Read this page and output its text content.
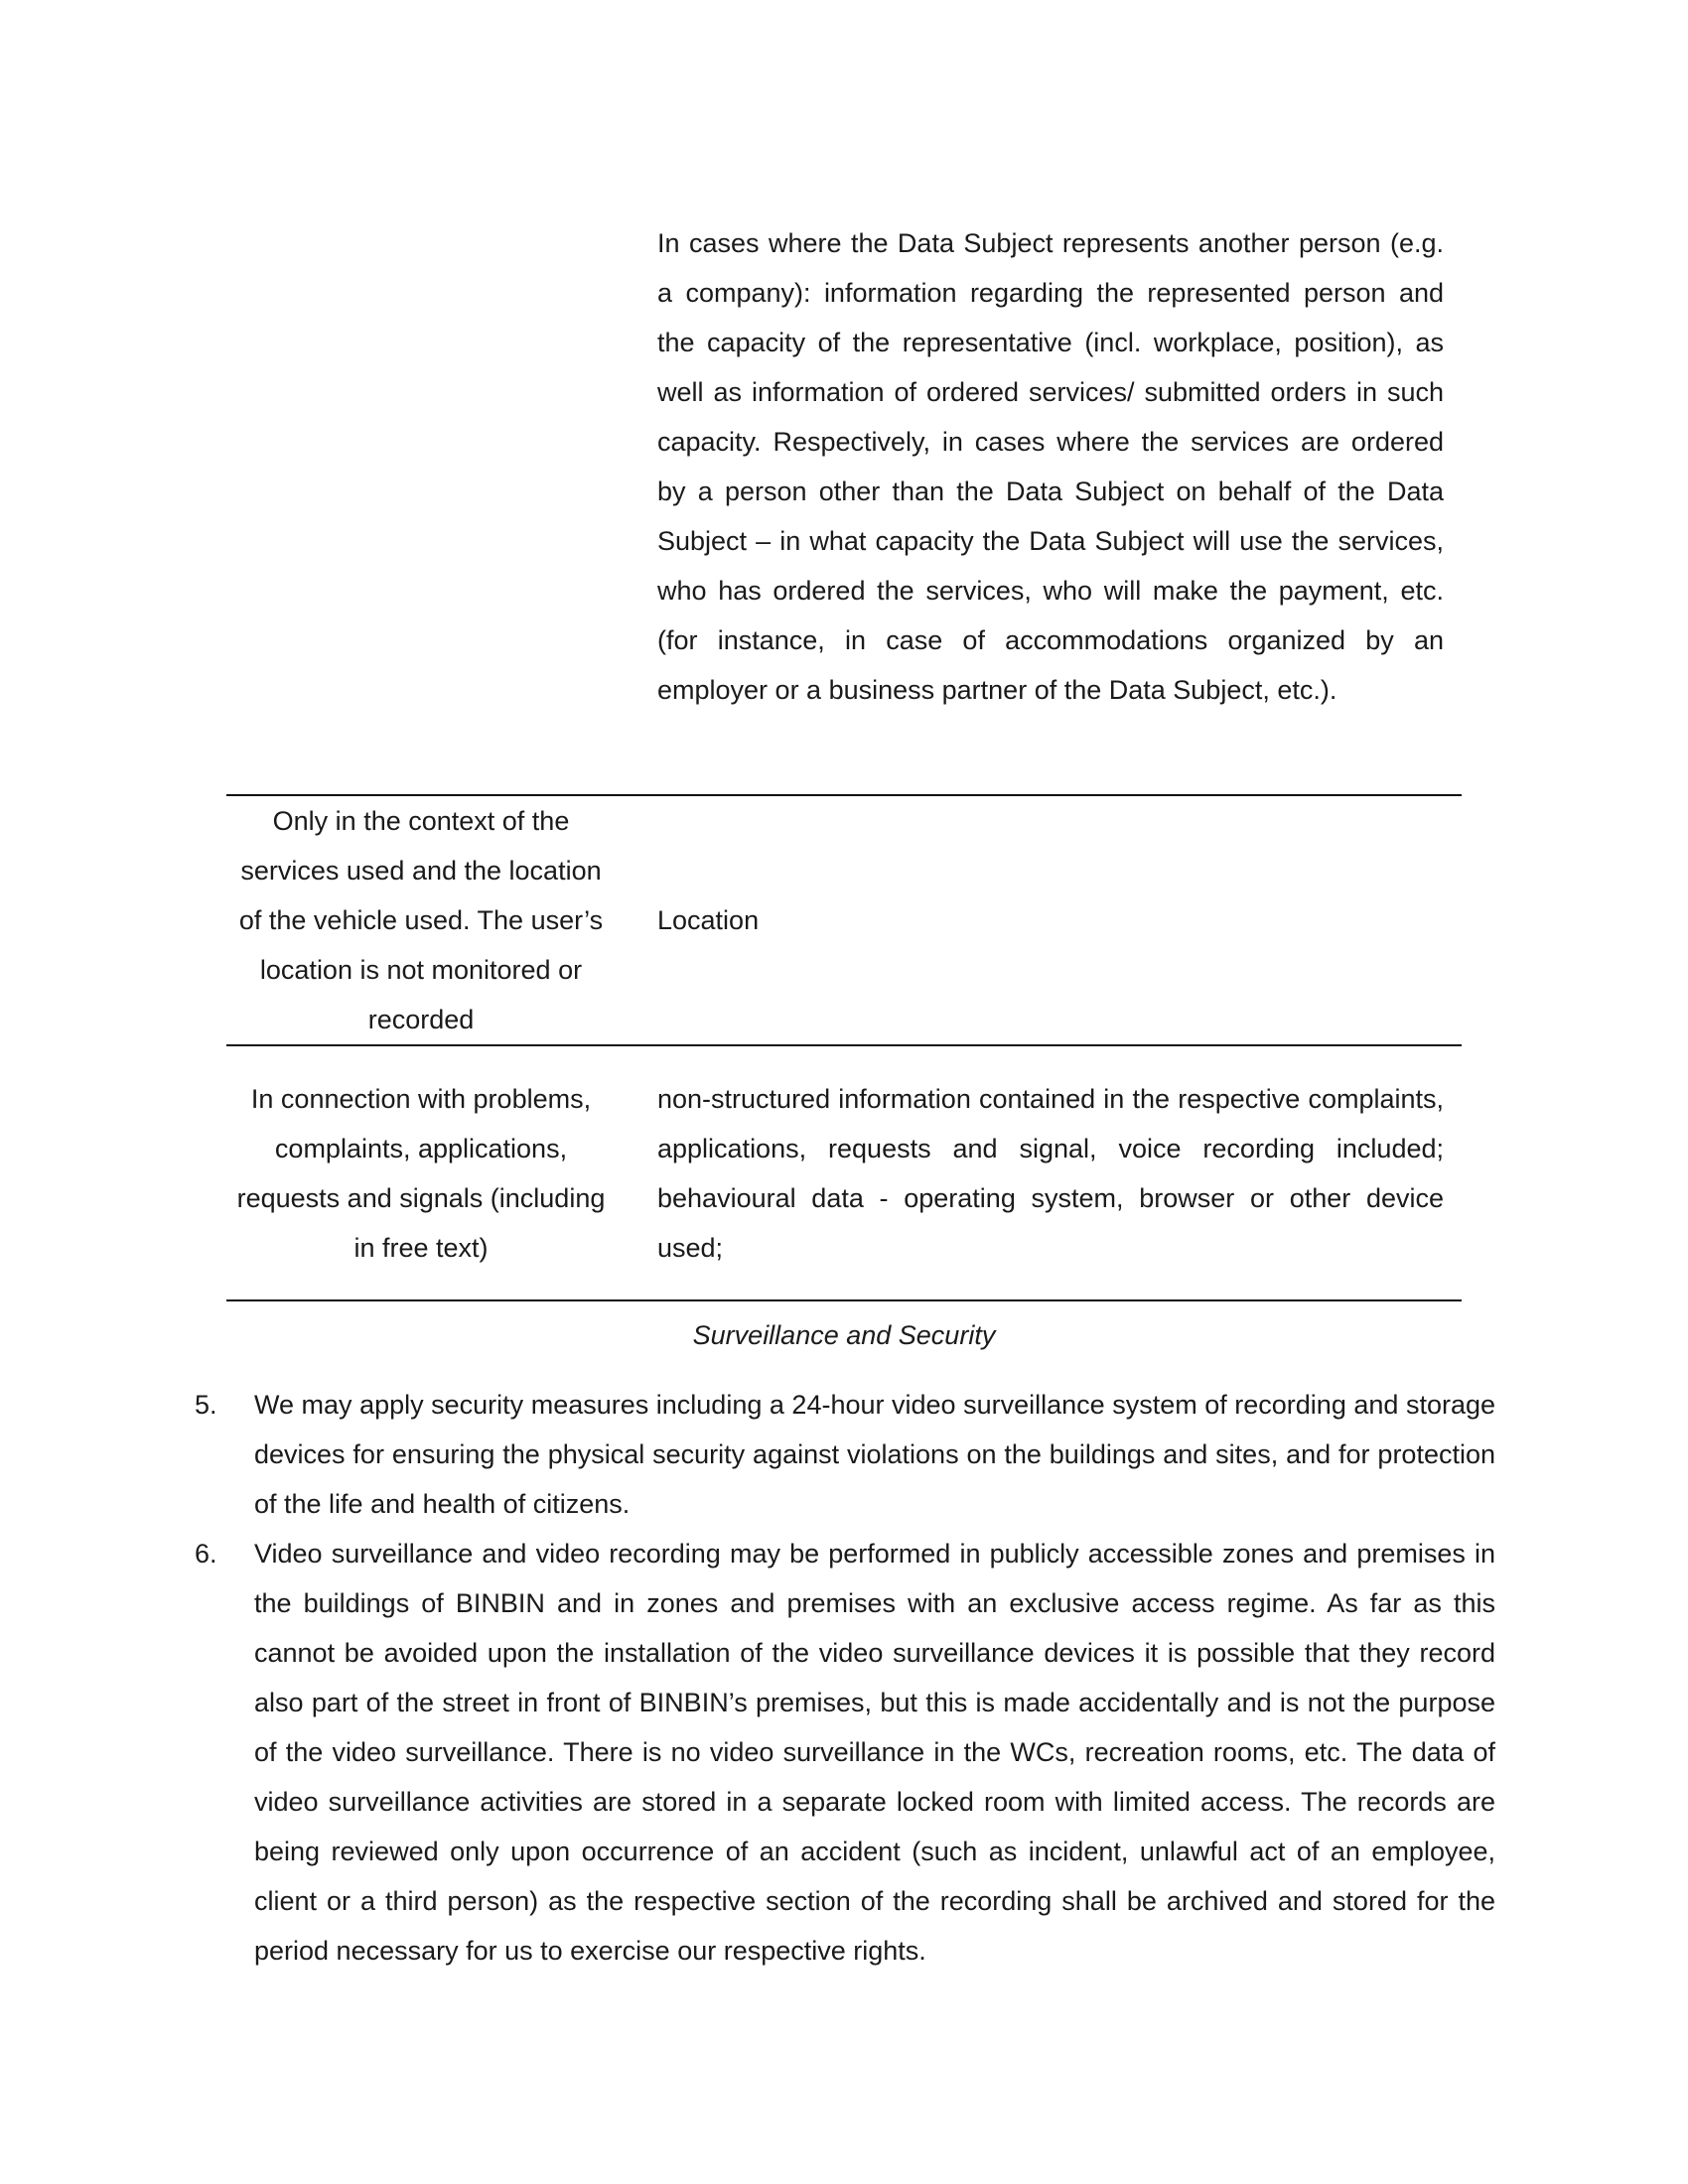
In cases where the Data Subject represents another person (e.g. a company): information regarding the represented person and the capacity of the representative (incl. workplace, position), as well as information of ordered services/ submitted orders in such capacity. Respectively, in cases where the services are ordered by a person other than the Data Subject on behalf of the Data Subject – in what capacity the Data Subject will use the services, who has ordered the services, who will make the payment, etc. (for instance, in case of accommodations organized by an employer or a business partner of the Data Subject, etc.).
Only in the context of the services used and the location of the vehicle used. The user’s location is not monitored or recorded
Location
In connection with problems, complaints, applications, requests and signals (including in free text)
non-structured information contained in the respective complaints, applications, requests and signal, voice recording included; behavioural data - operating system, browser or other device used;
Surveillance and Security
5.	We may apply security measures including a 24-hour video surveillance system of recording and storage devices for ensuring the physical security against violations on the buildings and sites, and for protection of the life and health of citizens.
6.	Video surveillance and video recording may be performed in publicly accessible zones and premises in the buildings of BINBIN and in zones and premises with an exclusive access regime. As far as this cannot be avoided upon the installation of the video surveillance devices it is possible that they record also part of the street in front of BINBIN’s premises, but this is made accidentally and is not the purpose of the video surveillance. There is no video surveillance in the WCs, recreation rooms, etc. The data of video surveillance activities are stored in a separate locked room with limited access. The records are being reviewed only upon occurrence of an accident (such as incident, unlawful act of an employee, client or a third person) as the respective section of the recording shall be archived and stored for the period necessary for us to exercise our respective rights.
